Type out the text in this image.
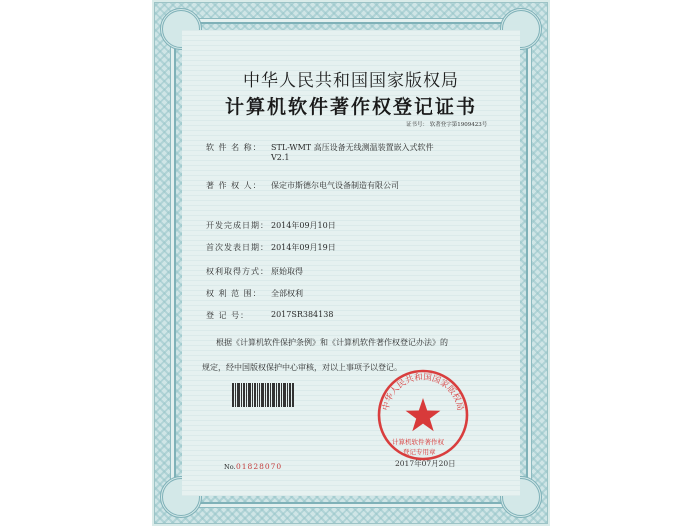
中华人民共和国国家版权局
计算机软件著作权登记证书
证书号： 软著登字第1909423号
软 件 名 称： STL-WMT 高压设备无线测温装置嵌入式软件
V2.1
著 作 权 人： 保定市斯德尔电气设备制造有限公司
开发完成日期： 2014年09月10日
首次发表日期： 2014年09月19日
权利取得方式： 原始取得
权 利 范 围： 全部权利
登 记 号：	2017SR384138
根据《计算机软件保护条例》和《计算机软件著作权登记办法》的
规定，经中国版权保护中心审核，对以上事项予以登记。
中华人民共和国国家版权局
计算机软件著作权
登记专用章
2017年07月20日
No. 01828070
